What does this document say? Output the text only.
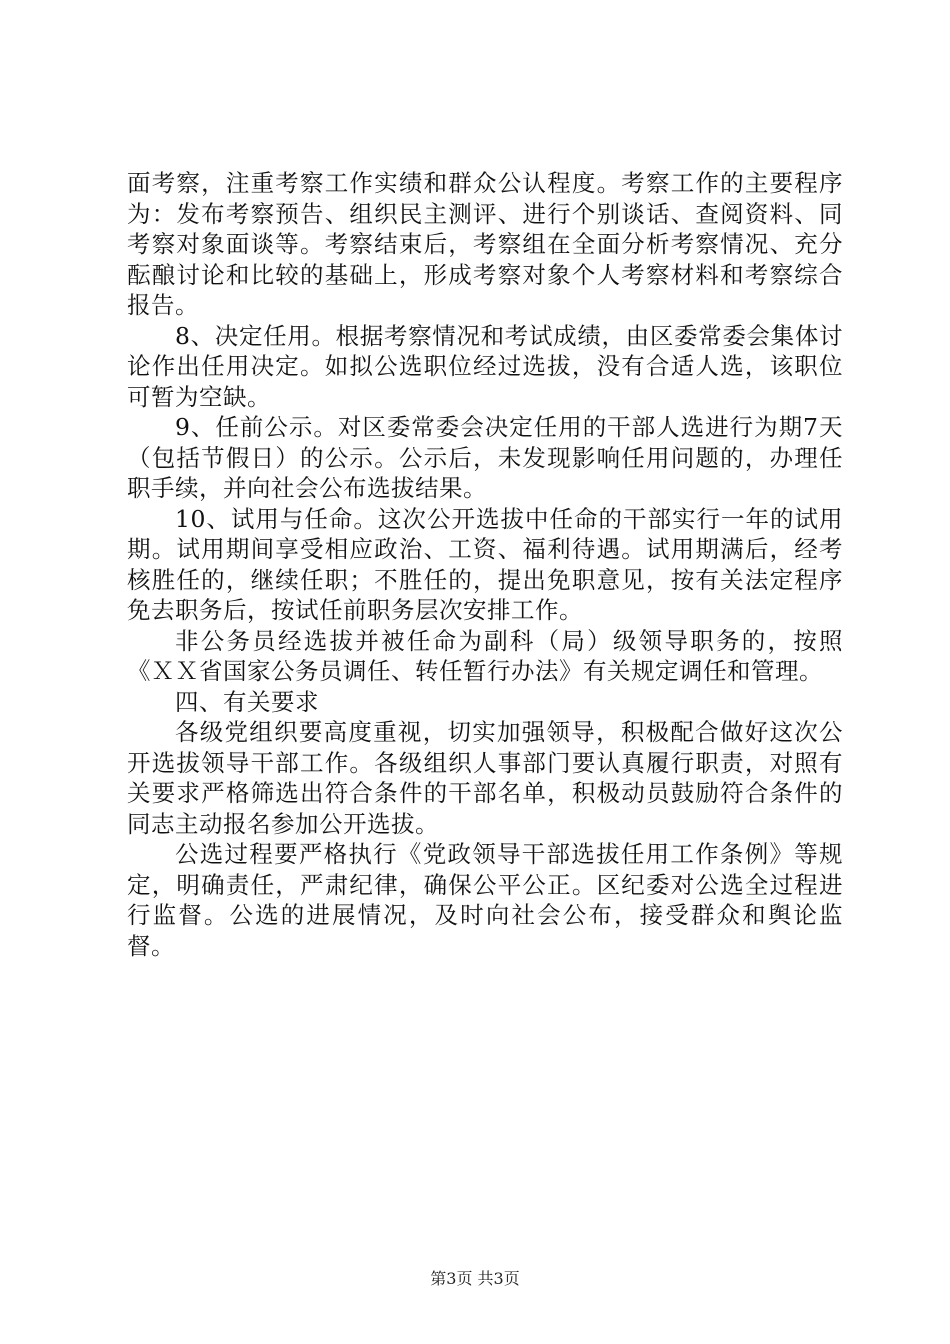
面考察，注重考察工作实绩和群众公认程度。考察工作的主要程序为：发布考察预告、组织民主测评、进行个别谈话、查阅资料、同考察对象面谈等。考察结束后，考察组在全面分析考察情况、充分酝酿讨论和比较的基础上，形成考察对象个人考察材料和考察综合报告。

8、决定任用。根据考察情况和考试成绩，由区委常委会集体讨论作出任用决定。如拟公选职位经过选拔，没有合适人选，该职位可暂为空缺。

9、任前公示。对区委常委会决定任用的干部人选进行为期7天（包括节假日）的公示。公示后，未发现影响任用问题的，办理任职手续，并向社会公布选拔结果。

10、试用与任命。这次公开选拔中任命的干部实行一年的试用期。试用期间享受相应政治、工资、福利待遇。试用期满后，经考核胜任的，继续任职；不胜任的，提出免职意见，按有关法定程序免去职务后，按试任前职务层次安排工作。

非公务员经选拔并被任命为副科（局）级领导职务的，按照《ＸＸ省国家公务员调任、转任暂行办法》有关规定调任和管理。

四、有关要求

各级党组织要高度重视，切实加强领导，积极配合做好这次公开选拔领导干部工作。各级组织人事部门要认真履行职责，对照有关要求严格筛选出符合条件的干部名单，积极动员鼓励符合条件的同志主动报名参加公开选拔。

公选过程要严格执行《党政领导干部选拔任用工作条例》等规定，明确责任，严肃纪律，确保公平公正。区纪委对公选全过程进行监督。公选的进展情况，及时向社会公布，接受群众和舆论监督。

第3页 共3页
